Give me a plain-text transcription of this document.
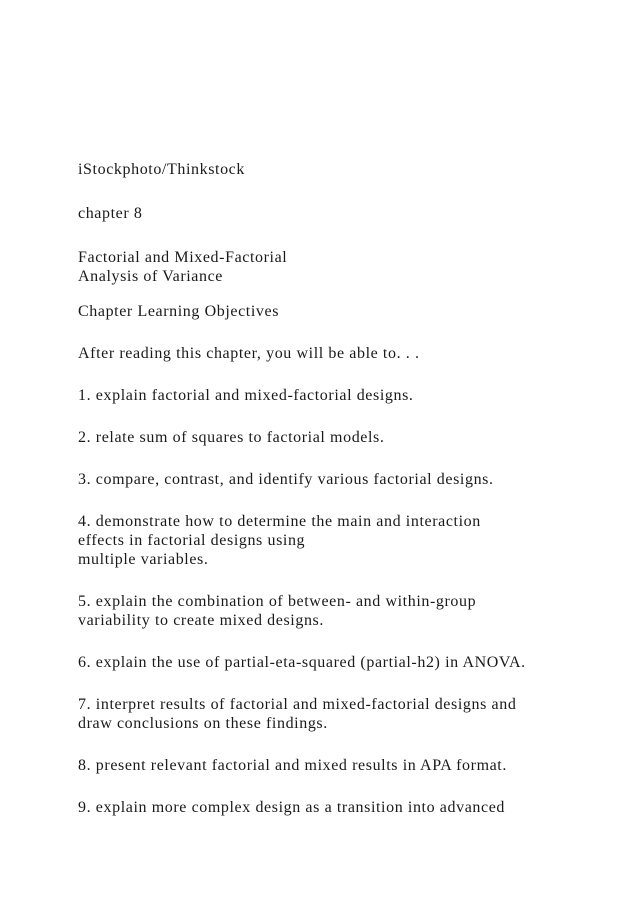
iStockphoto/Thinkstock
chapter 8
Factorial and Mixed-Factorial
Analysis of Variance
Chapter Learning Objectives
After reading this chapter, you will be able to. . .
1. explain factorial and mixed-factorial designs.
2. relate sum of squares to factorial models.
3. compare, contrast, and identify various factorial designs.
4. demonstrate how to determine the main and interaction
effects in factorial designs using
multiple variables.
5. explain the combination of between- and within-group
variability to create mixed designs.
6. explain the use of partial-eta-squared (partial-h2) in ANOVA.
7. interpret results of factorial and mixed-factorial designs and
draw conclusions on these findings.
8. present relevant factorial and mixed results in APA format.
9. explain more complex design as a transition into advanced
